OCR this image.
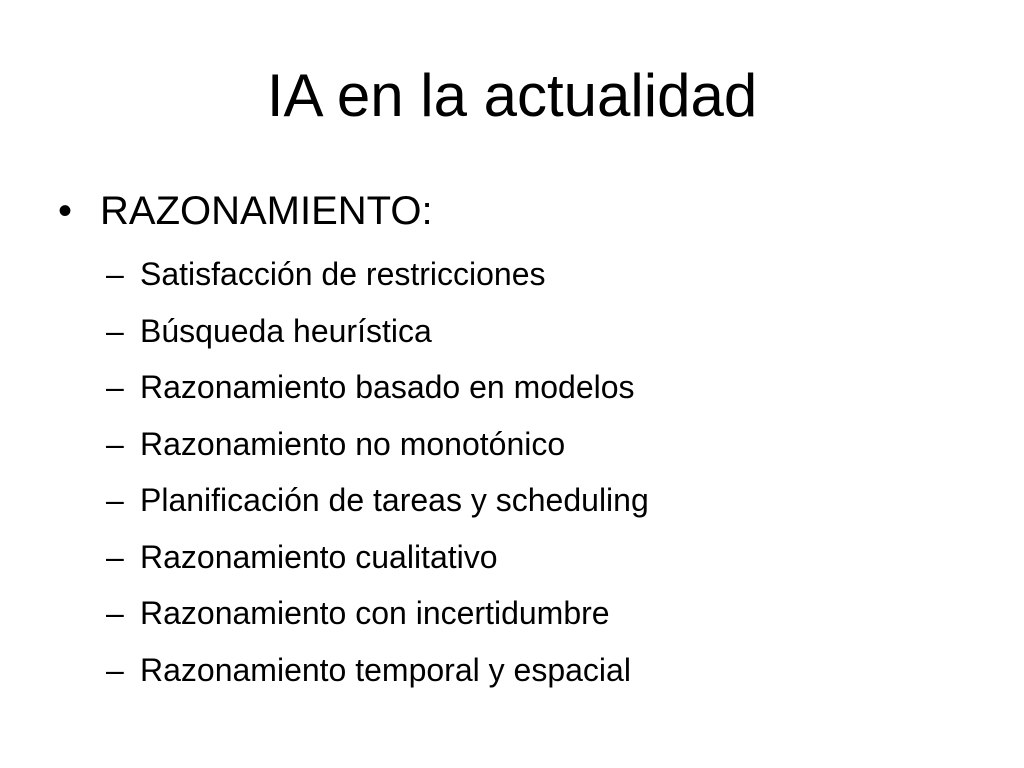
IA en la actualidad
• RAZONAMIENTO:
– Satisfacción de restricciones
– Búsqueda heurística
– Razonamiento basado en modelos
– Razonamiento no monotónico
– Planificación de tareas y scheduling
– Razonamiento cualitativo
– Razonamiento con incertidumbre
– Razonamiento temporal y espacial
